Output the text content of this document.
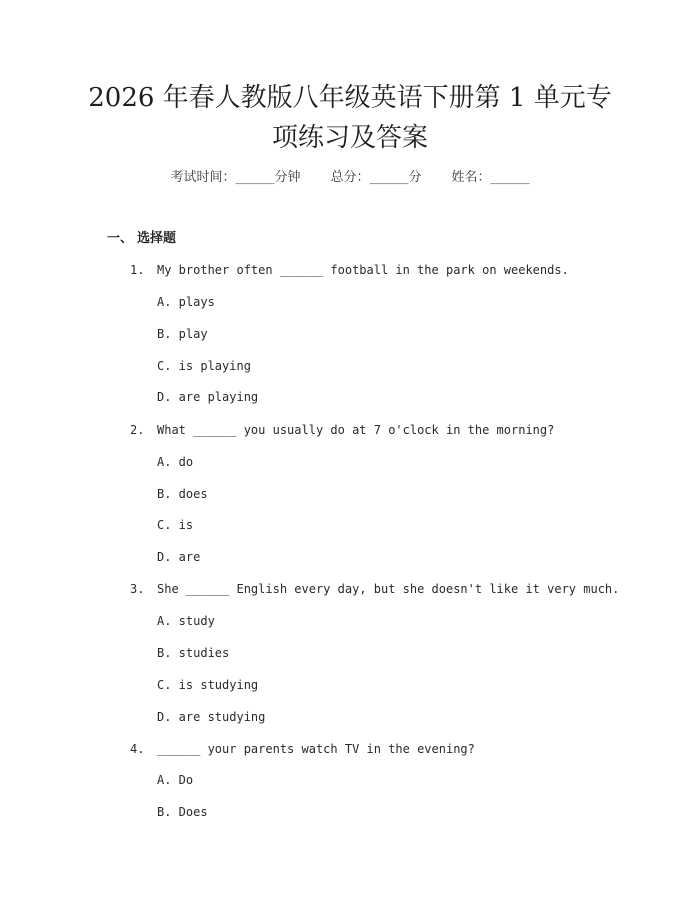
2026 年春人教版八年级英语下册第 1 单元专
项练习及答案
考试时间：______分钟 总分：______分 姓名：______
一、 选择题
1. My brother often ______ football in the park on weekends.
A. plays
B. play
C. is playing
D. are playing
2. What ______ you usually do at 7 o'clock in the morning?
A. do
B. does
C. is
D. are
3. She ______ English every day, but she doesn't like it very much.
A. study
B. studies
C. is studying
D. are studying
4. ______ your parents watch TV in the evening?
A. Do
B. Does
